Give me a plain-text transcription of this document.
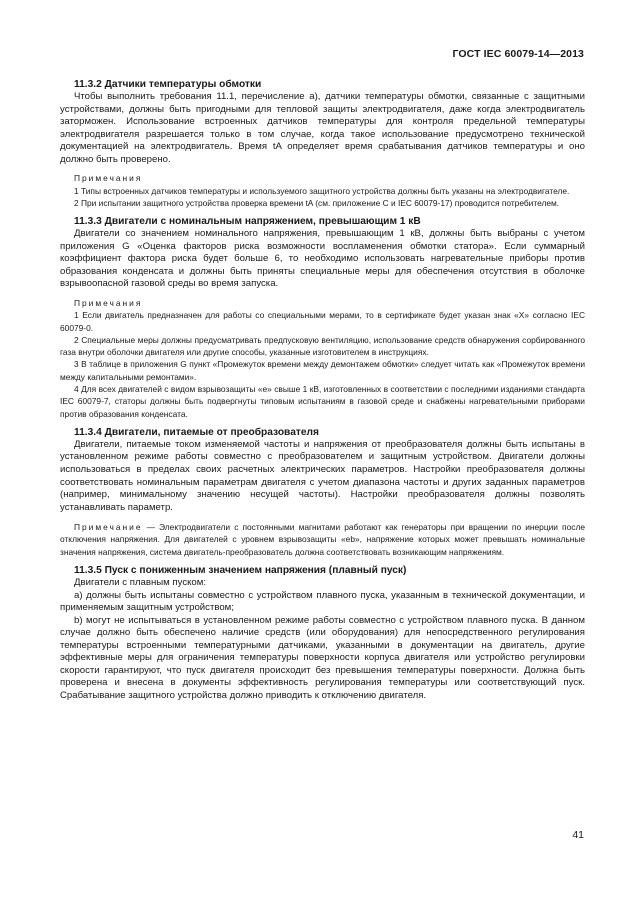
ГОСТ IEC 60079-14—2013
11.3.2 Датчики температуры обмотки

Чтобы выполнить требования 11.1, перечисление а), датчики температуры обмотки, связанные с защитными устройствами, должны быть пригодными для тепловой защиты электродвигателя, даже когда электродвигатель заторможен. Использование встроенных датчиков температуры для контроля предельной температуры электродвигателя разрешается только в том случае, когда такое использование предусмотрено технической документацией на электродвигатель. Время tA определяет время срабатывания датчиков температуры и оно должно быть проверено.

Примечания

1 Типы встроенных датчиков температуры и используемого защитного устройства должны быть указаны на электродвигателе.

2 При испытании защитного устройства проверка времени tA (см. приложение С и IEC 60079-17) проводится потребителем.

11.3.3 Двигатели с номинальным напряжением, превышающим 1 кВ

Двигатели со значением номинального напряжения, превышающим 1 кВ, должны быть выбраны с учетом приложения G «Оценка факторов риска возможности воспламенения обмотки статора». Если суммарный коэффициент фактора риска будет больше 6, то необходимо использовать нагревательные приборы против образования конденсата и должны быть приняты специальные меры для обеспечения отсутствия в оболочке взрывоопасной газовой среды во время запуска.

Примечания

1 Если двигатель предназначен для работы со специальными мерами, то в сертификате будет указан знак «Х» согласно IEC 60079-0.

2 Специальные меры должны предусматривать предпусковую вентиляцию, использование средств обнаружения сорбированного газа внутри оболочки двигателя или другие способы, указанные изготовителем в инструкциях.

3 В таблице в приложения G пункт «Промежуток времени между демонтажем обмотки» следует читать как «Промежуток времени между капитальными ремонтами».

4 Для всех двигателей с видом взрывозащиты «е» свыше 1 кВ, изготовленных в соответствии с последними изданиями стандарта IEC 60079-7, статоры должны быть подвергнуты типовым испытаниям в газовой среде и снабжены нагревательными приборами против образования конденсата.

11.3.4 Двигатели, питаемые от преобразователя

Двигатели, питаемые током изменяемой частоты и напряжения от преобразователя должны быть испытаны в установленном режиме работы совместно с преобразователем и защитным устройством. Двигатели должны использоваться в пределах своих расчетных электрических параметров. Настройки преобразователя должны соответствовать номинальным параметрам двигателя с учетом диапазона частоты и других заданных параметров (например, минимальному значению несущей частоты). Настройки преобразователя должны позволять устанавливать параметр.

Примечание — Электродвигатели с постоянными магнитами работают как генераторы при вращении по инерции после отключения напряжения. Для двигателей с уровнем взрывозащиты «eb», напряжение которых может превышать номинальные значения напряжения, система двигатель-преобразователь должна соответствовать возникающим напряжениям.

11.3.5 Пуск с пониженным значением напряжения (плавный пуск)

Двигатели с плавным пуском:

а) должны быть испытаны совместно с устройством плавного пуска, указанным в технической документации, и применяемым защитным устройством;

b) могут не испытываться в установленном режиме работы совместно с устройством плавного пуска. В данном случае должно быть обеспечено наличие средств (или оборудования) для непосредственного регулирования температуры встроенными температурными датчиками, указанными в документации на двигатель, другие эффективные меры для ограничения температуры поверхности корпуса двигателя или устройство регулировки скорости гарантируют, что пуск двигателя происходит без превышения температуры поверхности. Должна быть проверена и внесена в документы эффективность регулирования температуры или соответствующий пуск. Срабатывание защитного устройства должно приводить к отключению двигателя.

41
